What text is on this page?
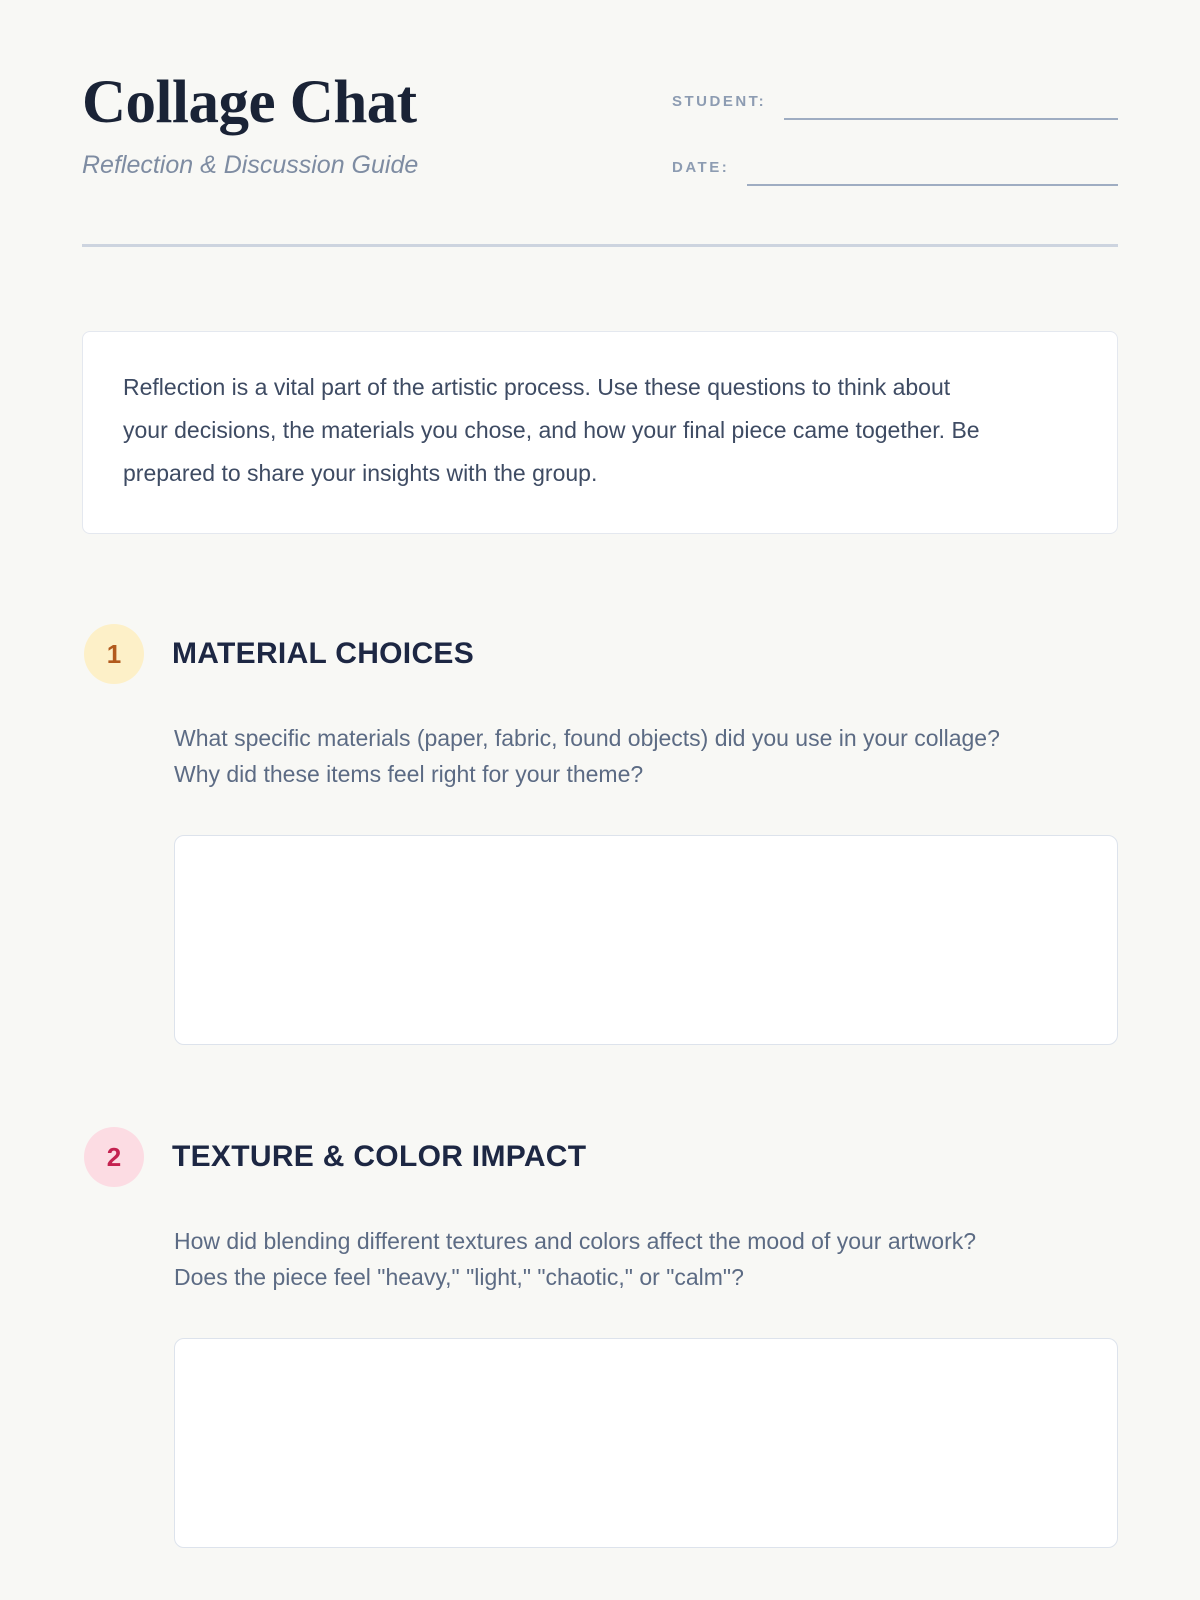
Collage Chat
Reflection & Discussion Guide
STUDENT:
DATE:
Reflection is a vital part of the artistic process. Use these questions to think about
your decisions, the materials you chose, and how your final piece came together. Be
prepared to share your insights with the group.
1	MATERIAL CHOICES
What specific materials (paper, fabric, found objects) did you use in your collage?
Why did these items feel right for your theme?
2	TEXTURE & COLOR IMPACT
How did blending different textures and colors affect the mood of your artwork?
Does the piece feel "heavy," "light," "chaotic," or "calm"?
